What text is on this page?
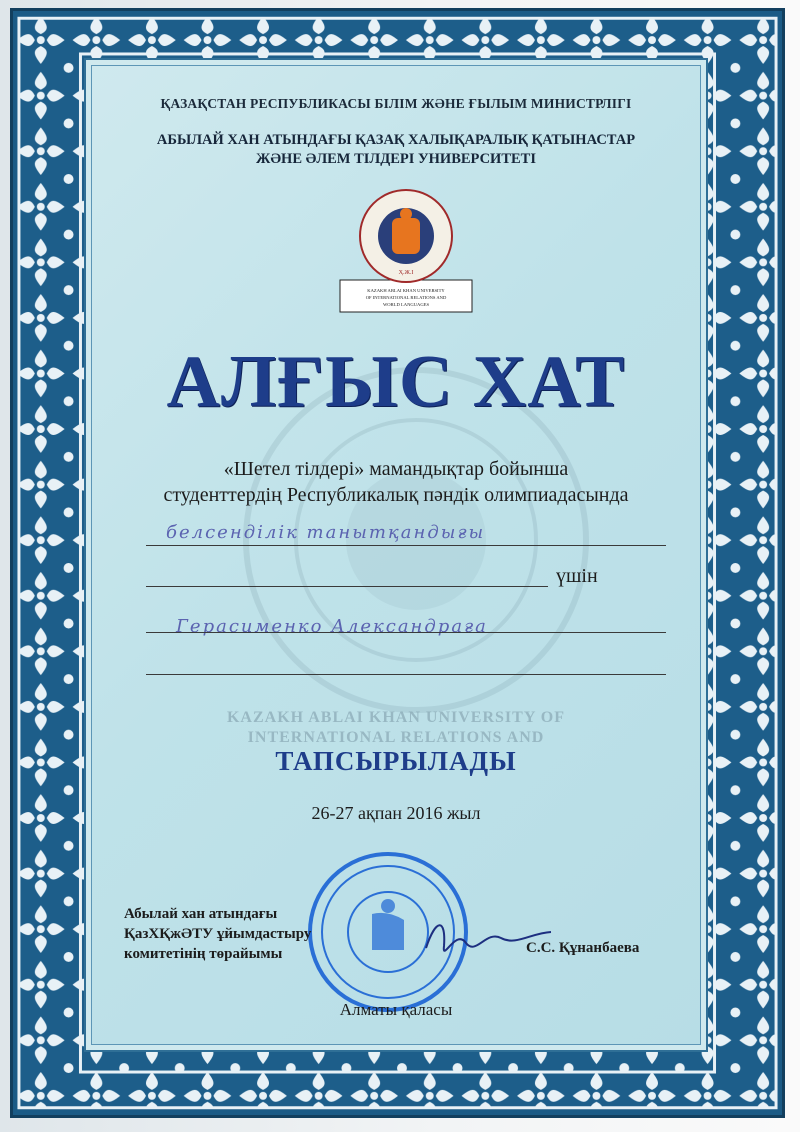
KAZAKH ABLAI KHAN UNIVERSITY OF INTERNATIONAL RELATIONS AND
ҚАЗАҚСТАН РЕСПУБЛИКАСЫ БІЛІМ ЖӘНЕ ҒЫЛЫМ МИНИСТРЛІГІ
АБЫЛАЙ ХАН АТЫНДАҒЫ ҚАЗАҚ ХАЛЫҚАРАЛЫҚ ҚАТЫНАСТАР
ЖӘНЕ ӘЛЕМ ТІЛДЕРІ УНИВЕРСИТЕТІ
KAZAKH ABLAI KHAN UNIVERSITY
OF INTERNATIONAL RELATIONS AND
WORLD LANGUAGES
Ҳ.Ж.І
АЛҒЫС ХАТ
«Шетел тілдері» мамандықтар бойынша
студенттердің Республикалық пәндік олимпиадасында
белсенділік танытқандығы
үшін
Герасименко Александраға
ТАПСЫРЫЛАДЫ
26-27 ақпан 2016 жыл
Абылай хан атындағы
ҚазХҚжӘТУ ұйымдастыру
комитетінің төрайымы	С.С. Құнанбаева
Алматы қаласы
